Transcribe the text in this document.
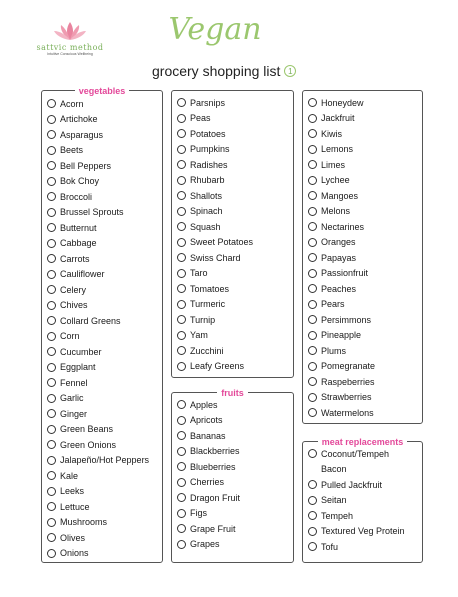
sattvic method
Intuitive Conscious Wellbeing
Vegan
grocery shopping list 1
vegetables
Acorn
Artichoke
Asparagus
Beets
Bell Peppers
Bok Choy
Broccoli
Brussel Sprouts
Butternut
Cabbage
Carrots
Cauliflower
Celery
Chives
Collard Greens
Corn
Cucumber
Eggplant
Fennel
Garlic
Ginger
Green Beans
Green Onions
Jalapeño/Hot Peppers
Kale
Leeks
Lettuce
Mushrooms
Olives
Onions
Parsnips
Peas
Potatoes
Pumpkins
Radishes
Rhubarb
Shallots
Spinach
Squash
Sweet Potatoes
Swiss Chard
Taro
Tomatoes
Turmeric
Turnip
Yam
Zucchini
Leafy Greens
fruits
Apples
Apricots
Bananas
Blackberries
Blueberries
Cherries
Dragon Fruit
Figs
Grape Fruit
Grapes
Honeydew
Jackfruit
Kiwis
Lemons
Limes
Lychee
Mangoes
Melons
Nectarines
Oranges
Papayas
Passionfruit
Peaches
Pears
Persimmons
Pineapple
Plums
Pomegranate
Raspeberries
Strawberries
Watermelons
meat replacements
Coconut/Tempeh
Bacon
Pulled Jackfruit
Seitan
Tempeh
Textured Veg Protein
Tofu
